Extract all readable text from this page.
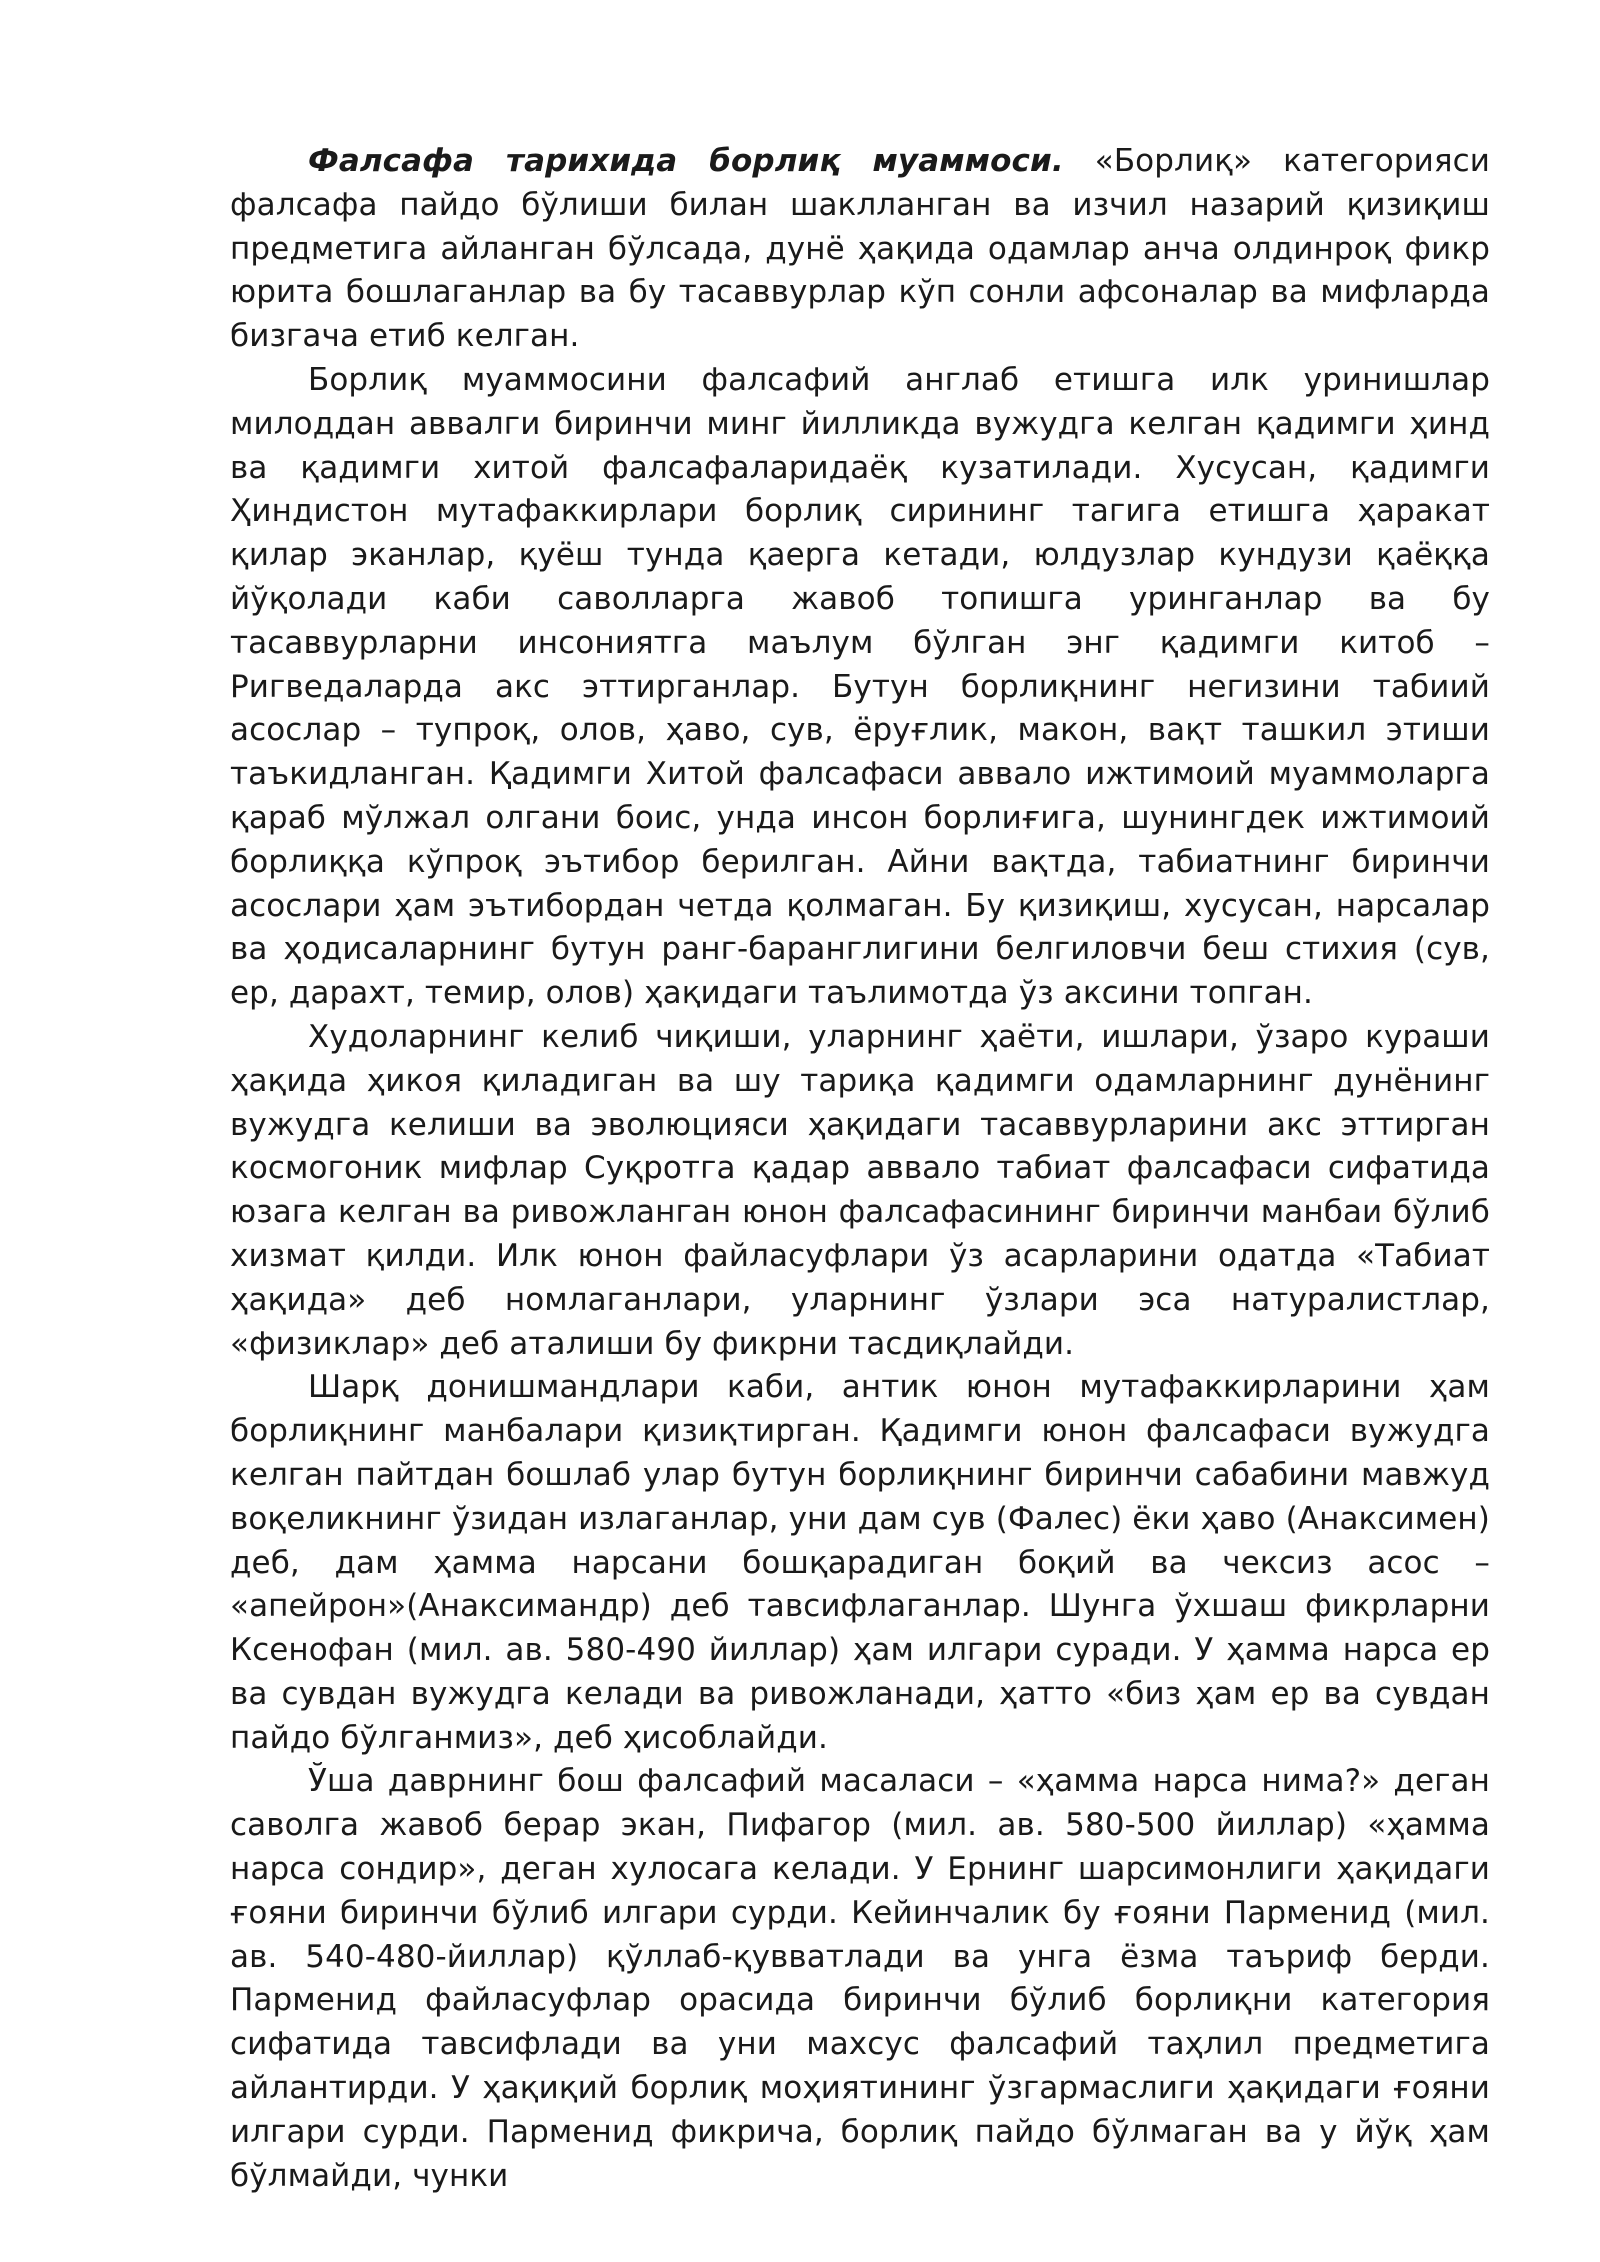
Фалсафа тарихида борлиқ муаммоси. «Борлиқ» категорияси фалсафа пайдо бўлиши билан шаклланган ва изчил назарий қизиқиш предметига айланган бўлсада, дунё ҳақида одамлар анча олдинроқ фикр юрита бошлаганлар ва бу тасаввурлар кўп сонли афсоналар ва мифларда бизгача етиб келган.

Борлиқ муаммосини фалсафий англаб етишга илк уринишлар милоддан аввалги биринчи минг йилликда вужудга келган қадимги ҳинд ва қадимги хитой фалсафаларидаёқ кузатилади. Хусусан, қадимги Ҳиндистон мутафаккирлари борлиқ сирининг тагига етишга ҳаракат қилар эканлар, қуёш тунда қаерга кетади, юлдузлар кундузи қаёққа йўқолади каби саволларга жавоб топишга уринганлар ва бу тасаввурларни инсониятга маълум бўлган энг қадимги китоб – Ригведаларда акс эттирганлар. Бутун борлиқнинг негизини табиий асослар – тупроқ, олов, ҳаво, сув, ёруғлик, макон, вақт ташкил этиши таъкидланган. Қадимги Хитой фалсафаси аввало ижтимоий муаммоларга қараб мўлжал олгани боис, унда инсон борлиғига, шунингдек ижтимоий борлиққа кўпроқ эътибор берилган. Айни вақтда, табиатнинг биринчи асослари ҳам эътибордан четда қолмаган. Бу қизиқиш, хусусан, нарсалар ва ҳодисаларнинг бутун ранг-баранглигини белгиловчи беш стихия (сув, ер, дарахт, темир, олов) ҳақидаги таълимотда ўз аксини топган.

Худоларнинг келиб чиқиши, уларнинг ҳаёти, ишлари, ўзаро кураши ҳақида ҳикоя қиладиган ва шу тариқа қадимги одамларнинг дунёнинг вужудга келиши ва эволюцияси ҳақидаги тасаввурларини акс эттирган космогоник мифлар Суқротга қадар аввало табиат фалсафаси сифатида юзага келган ва ривожланган юнон фалсафасининг биринчи манбаи бўлиб хизмат қилди. Илк юнон файласуфлари ўз асарларини одатда «Табиат ҳақида» деб номлаганлари, уларнинг ўзлари эса натуралистлар, «физиклар» деб аталиши бу фикрни тасдиқлайди.

Шарқ донишмандлари каби, антик юнон мутафаккирларини ҳам борлиқнинг манбалари қизиқтирган. Қадимги юнон фалсафаси вужудга келган пайтдан бошлаб улар бутун борлиқнинг биринчи сабабини мавжуд воқеликнинг ўзидан излаганлар, уни дам сув (Фалес) ёки ҳаво (Анаксимен) деб, дам ҳамма нарсани бошқарадиган боқий ва чексиз асос – «апейрон»(Анаксимандр) деб тавсифлаганлар. Шунга ўхшаш фикрларни Ксенофан (мил. ав. 580-490 йиллар) ҳам илгари суради. У ҳамма нарса ер ва сувдан вужудга келади ва ривожланади, ҳатто «биз ҳам ер ва сувдан пайдо бўлганмиз», деб ҳисоблайди.

Ўша даврнинг бош фалсафий масаласи – «ҳамма нарса нима?» деган саволга жавоб берар экан, Пифагор (мил. ав. 580-500 йиллар) «ҳамма нарса сондир», деган хулосага келади. У Ернинг шарсимонлиги ҳақидаги ғояни биринчи бўлиб илгари сурди. Кейинчалик бу ғояни Парменид (мил. ав. 540-480-йиллар) қўллаб-қувватлади ва унга ёзма таъриф берди. Парменид файласуфлар орасида биринчи бўлиб борлиқни категория сифатида тавсифлади ва уни махсус фалсафий таҳлил предметига айлантирди. У ҳақиқий борлиқ моҳиятининг ўзгармаслиги ҳақидаги ғояни илгари сурди. Парменид фикрича, борлиқ пайдо бўлмаган ва у йўқ ҳам бўлмайди, чунки
